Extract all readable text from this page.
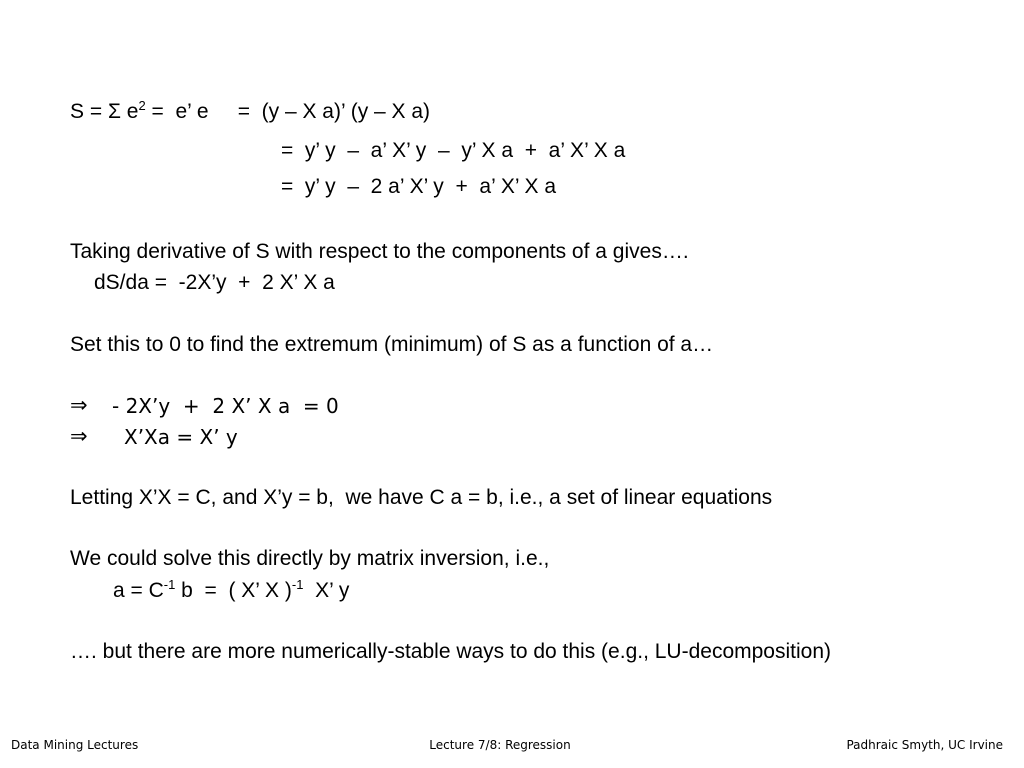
S = Σ $e^2 = e$’ e     =  (y – X a)’ (y – X a)
=  y’ y  –  a’ X’ y  –  y’ X a  +  a’ X’ X a
=  y’ y  –  2 a’ X’ y  +  a’ X’ X a
Taking derivative of S with respect to the components of a gives….
dS/da =  -2X’y  +  2 X’ X a
Set this to 0 to find the extremum (minimum) of S as a function of a…
⇒ - 2X’y  +  2 X’ X a  = 0
⇒ X’Xa = X’ y
Letting X’X = C, and X’y = b,  we have C a = b, i.e., a set of linear equations
We could solve this directly by matrix inversion, i.e.,
$a = C^{-1}$ b  =  ( X’ X )$^{-1}$  X’ y
…. but there are more numerically-stable ways to do this (e.g., LU-decomposition)
Data Mining Lectures	Lecture 7/8: Regression	Padhraic Smyth, UC Irvine
